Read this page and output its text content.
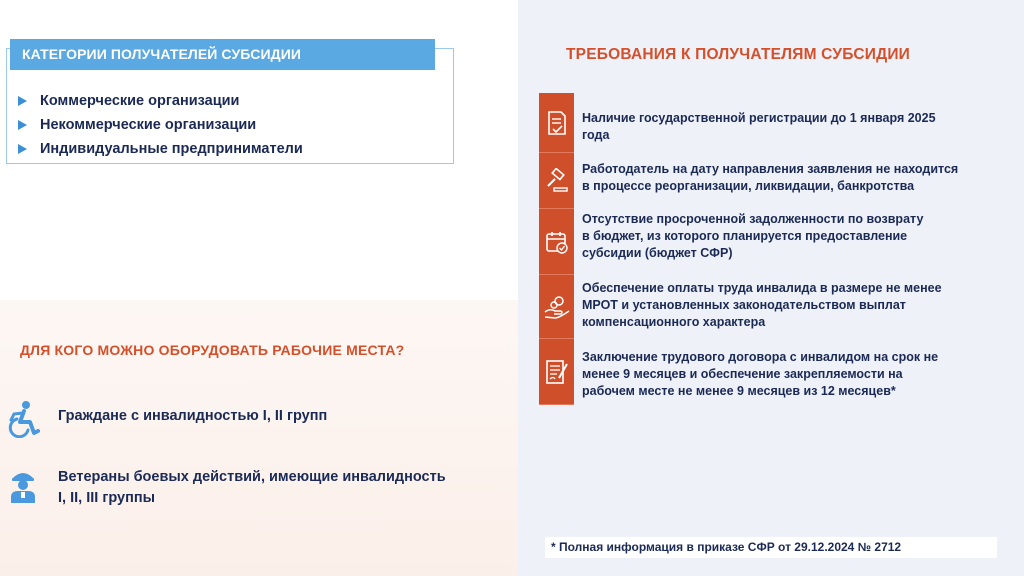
КАТЕГОРИИ ПОЛУЧАТЕЛЕЙ СУБСИДИИ
Коммерческие организации
Некоммерческие организации
Индивидуальные предприниматели
ДЛЯ КОГО МОЖНО ОБОРУДОВАТЬ РАБОЧИЕ МЕСТА?
Граждане с инвалидностью I, II групп
Ветераны боевых действий, имеющие инвалидность
I, II, III группы
ТРЕБОВАНИЯ К ПОЛУЧАТЕЛЯМ СУБСИДИИ
Наличие государственной регистрации до 1 января 2025
года
Работодатель на дату направления заявления не находится
в процессе реорганизации, ликвидации, банкротства
Отсутствие просроченной задолженности по возврату
в бюджет, из которого планируется предоставление
субсидии (бюджет СФР)
Обеспечение оплаты труда инвалида в размере не менее
МРОТ и установленных законодательством выплат
компенсационного характера
Заключение трудового договора с инвалидом на срок не
менее 9 месяцев и обеспечение закрепляемости на
рабочем месте не менее 9 месяцев из 12 месяцев*
* Полная информация в приказе СФР от 29.12.2024 № 2712
